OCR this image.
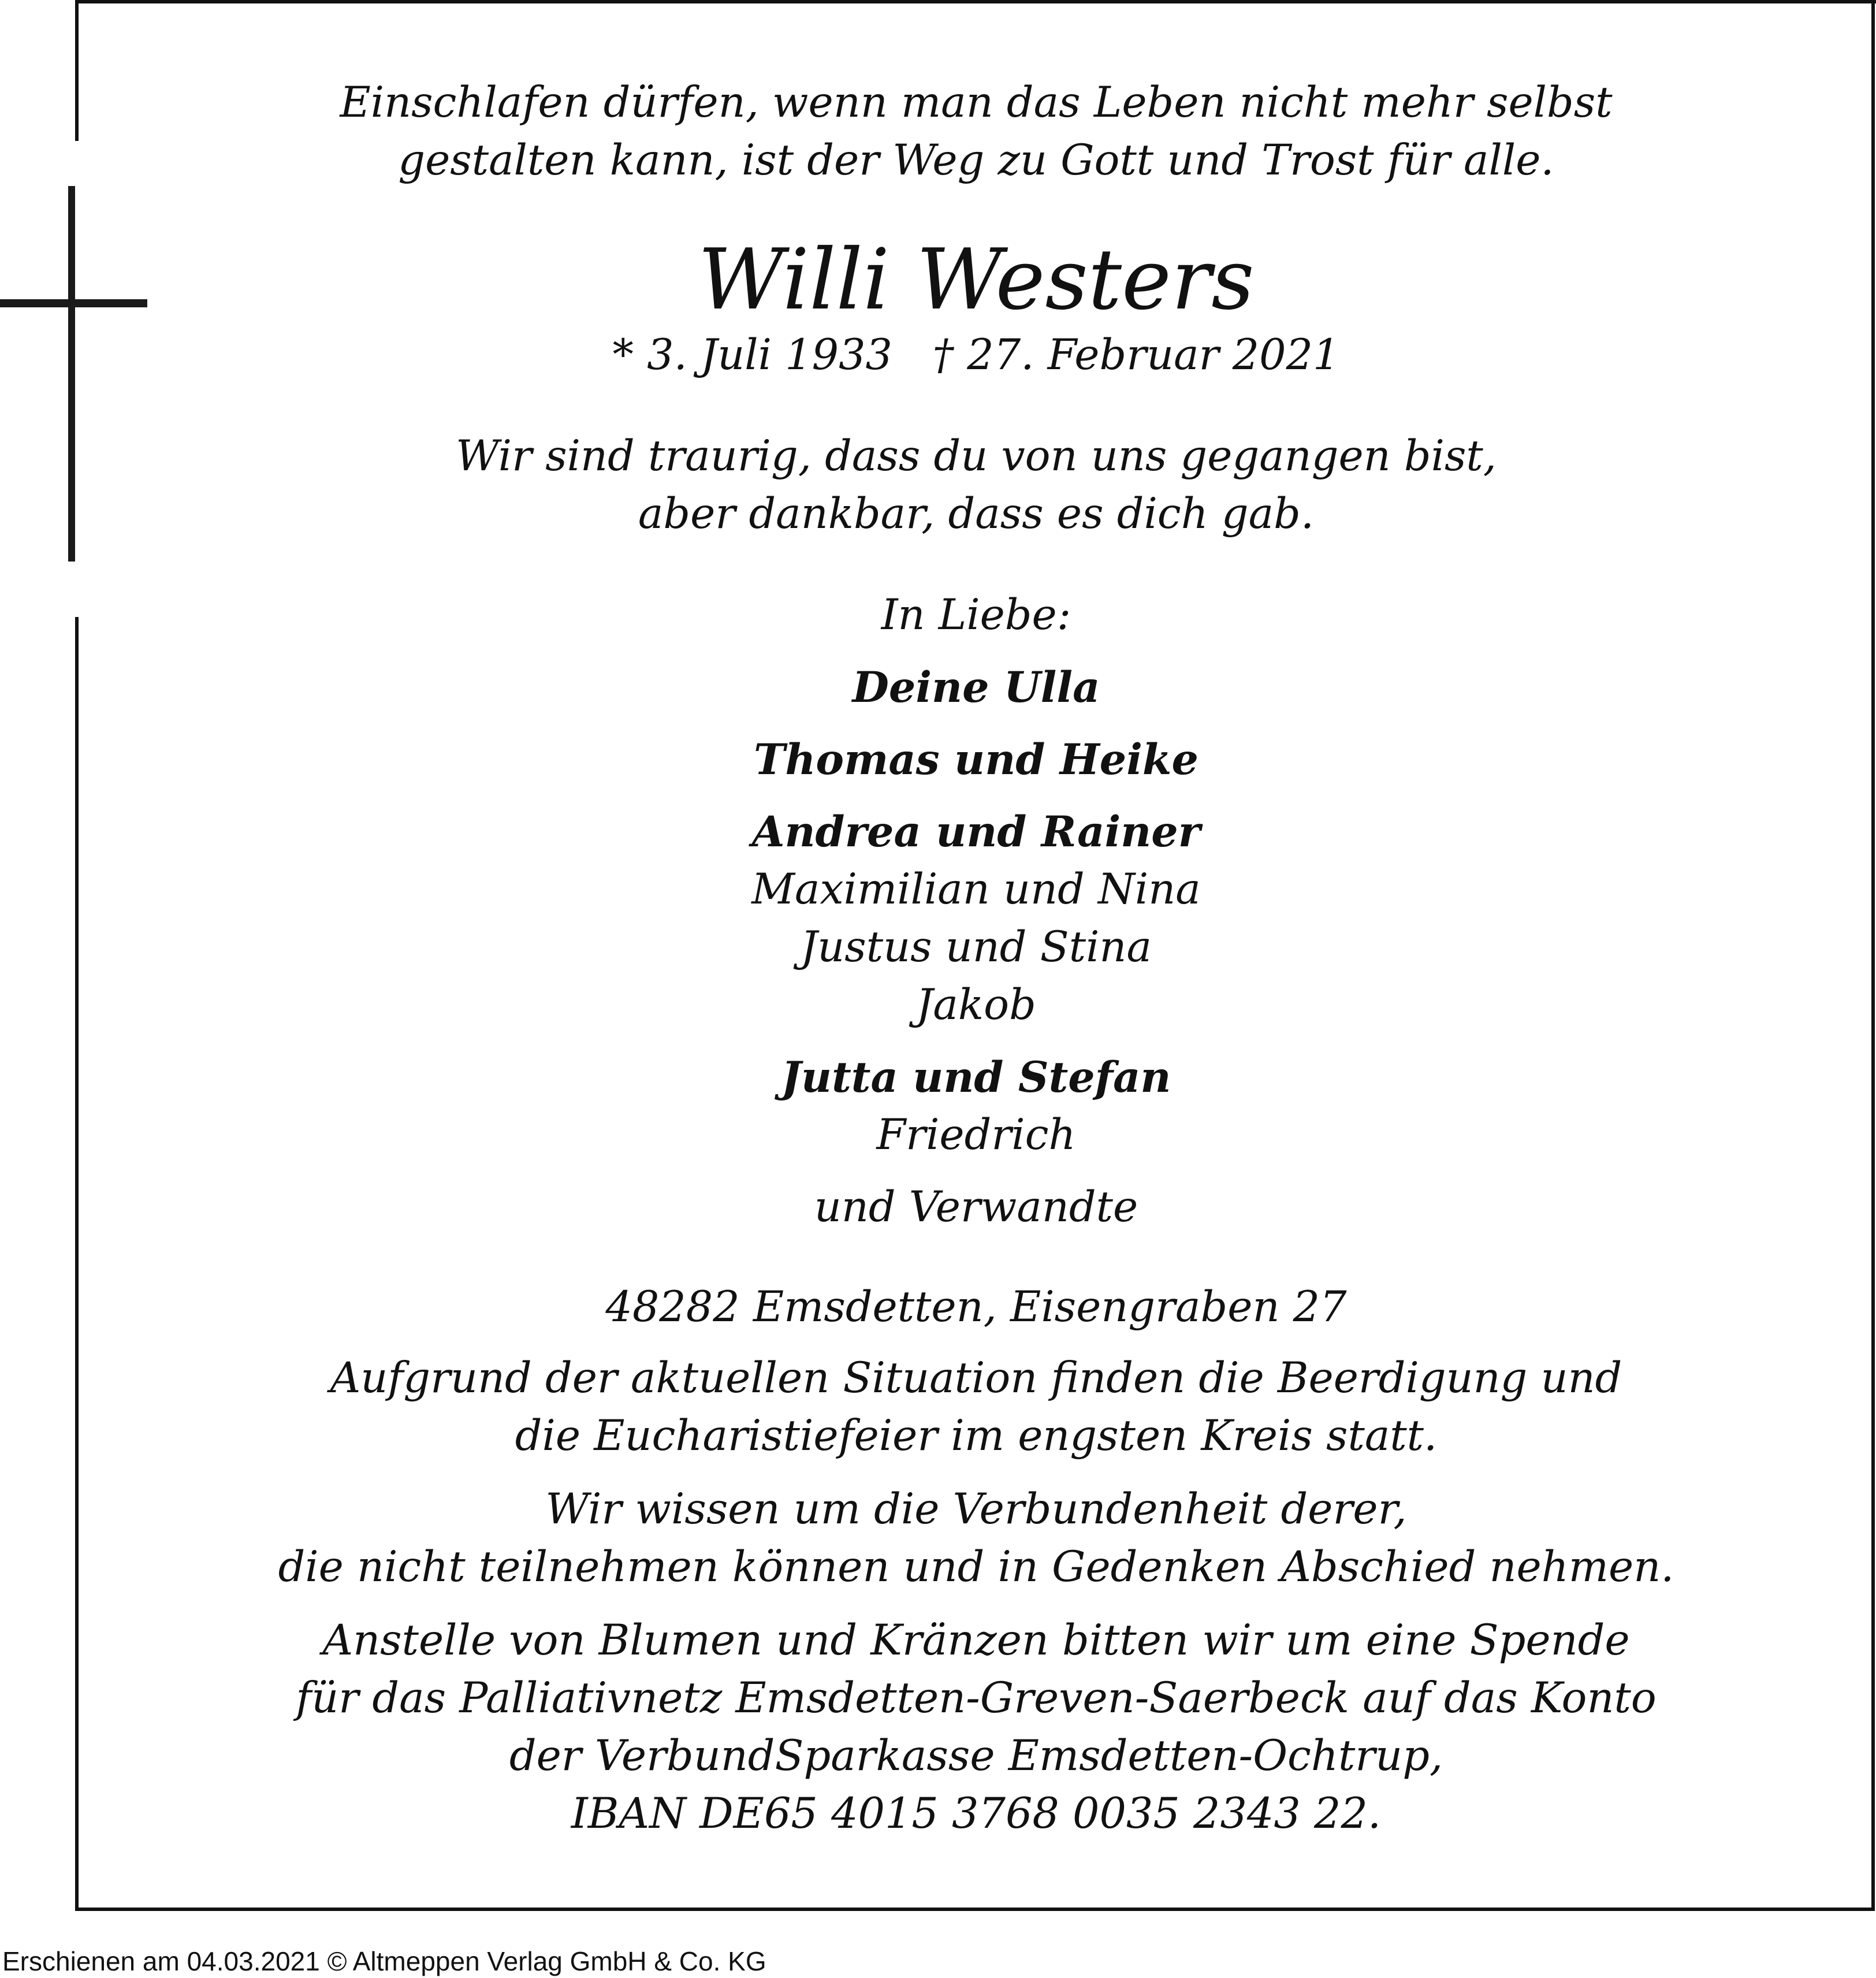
Einschlafen dürfen, wenn man das Leben nicht mehr selbst
gestalten kann, ist der Weg zu Gott und Trost für alle.
Willi Westers
* 3. Juli 1933   † 27. Februar 2021
Wir sind traurig, dass du von uns gegangen bist,
aber dankbar, dass es dich gab.
In Liebe:
Deine Ulla
Thomas und Heike
Andrea und Rainer
Maximilian und Nina
Justus und Stina
Jakob
Jutta und Stefan
Friedrich
und Verwandte
48282 Emsdetten, Eisengraben 27
Aufgrund der aktuellen Situation finden die Beerdigung und
die Eucharistiefeier im engsten Kreis statt.
Wir wissen um die Verbundenheit derer,
die nicht teilnehmen können und in Gedenken Abschied nehmen.
Anstelle von Blumen und Kränzen bitten wir um eine Spende
für das Palliativnetz Emsdetten-Greven-Saerbeck auf das Konto
der VerbundSparkasse Emsdetten-Ochtrup,
IBAN DE65 4015 3768 0035 2343 22.
Erschienen am 04.03.2021 © Altmeppen Verlag GmbH & Co. KG
